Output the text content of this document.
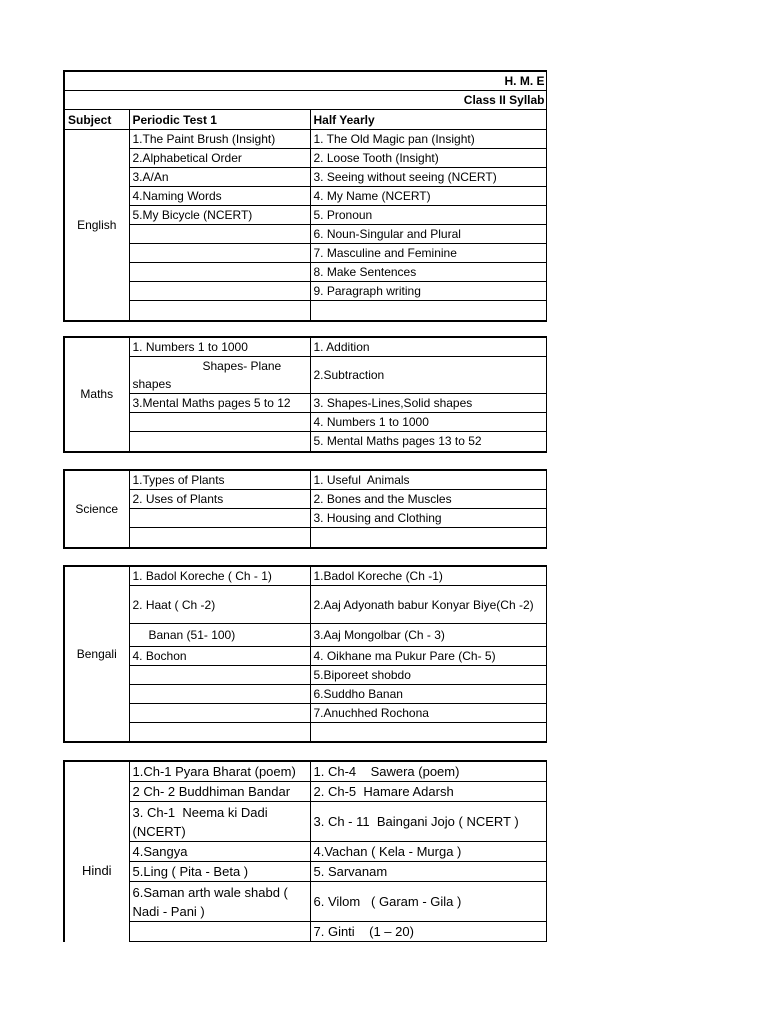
H. M. E		
Class II Syllab		
Subject	Periodic Test 1	Half Yearly
English	1.The Paint Brush (Insight)	1. The Old Magic pan (Insight)
	2.Alphabetical Order	2. Loose Tooth (Insight)
	3.A/An	3. Seeing without seeing (NCERT)
	4.Naming Words	4. My Name (NCERT)
	5.My Bicycle (NCERT)	5. Pronoun
		6. Noun-Singular and Plural
		7. Masculine and Feminine
		8. Make Sentences
		9. Paragraph writing

Maths	1. Numbers 1 to 1000	1. Addition
	Shapes- Plane shapes	2.Subtraction
	3.Mental Maths pages 5 to 12	3. Shapes-Lines,Solid shapes
		4. Numbers 1 to 1000
		5. Mental Maths pages 13 to 52
Science	1.Types of Plants	1. Useful  Animals
	2. Uses of Plants	2. Bones and the Muscles
		3. Housing and Clothing

Bengali	1. Badol Koreche ( Ch - 1)	1.Badol Koreche (Ch -1)
	2. Haat ( Ch -2)	2.Aaj Adyonath babur Konyar Biye(Ch -2)
	Banan (51- 100)	3.Aaj Mongolbar (Ch - 3)
	4. Bochon	4. Oikhane ma Pukur Pare (Ch- 5)
		5.Biporeet shobdo
		6.Suddho Banan
		7.Anuchhed Rochona

Hindi	1.Ch-1 Pyara Bharat (poem)	1. Ch-4    Sawera (poem)
	2 Ch- 2 Buddhiman Bandar	2. Ch-5  Hamare Adarsh
	3. Ch-1  Neema ki Dadi (NCERT)	3. Ch - 11  Baingani Jojo ( NCERT )
	4.Sangya	4.Vachan ( Kela - Murga )
	5.Ling ( Pita - Beta )	5. Sarvanam
	6.Saman arth wale shabd ( Nadi - Pani )	6. Vilom   ( Garam - Gila )
		7. Ginti    (1 – 20)
